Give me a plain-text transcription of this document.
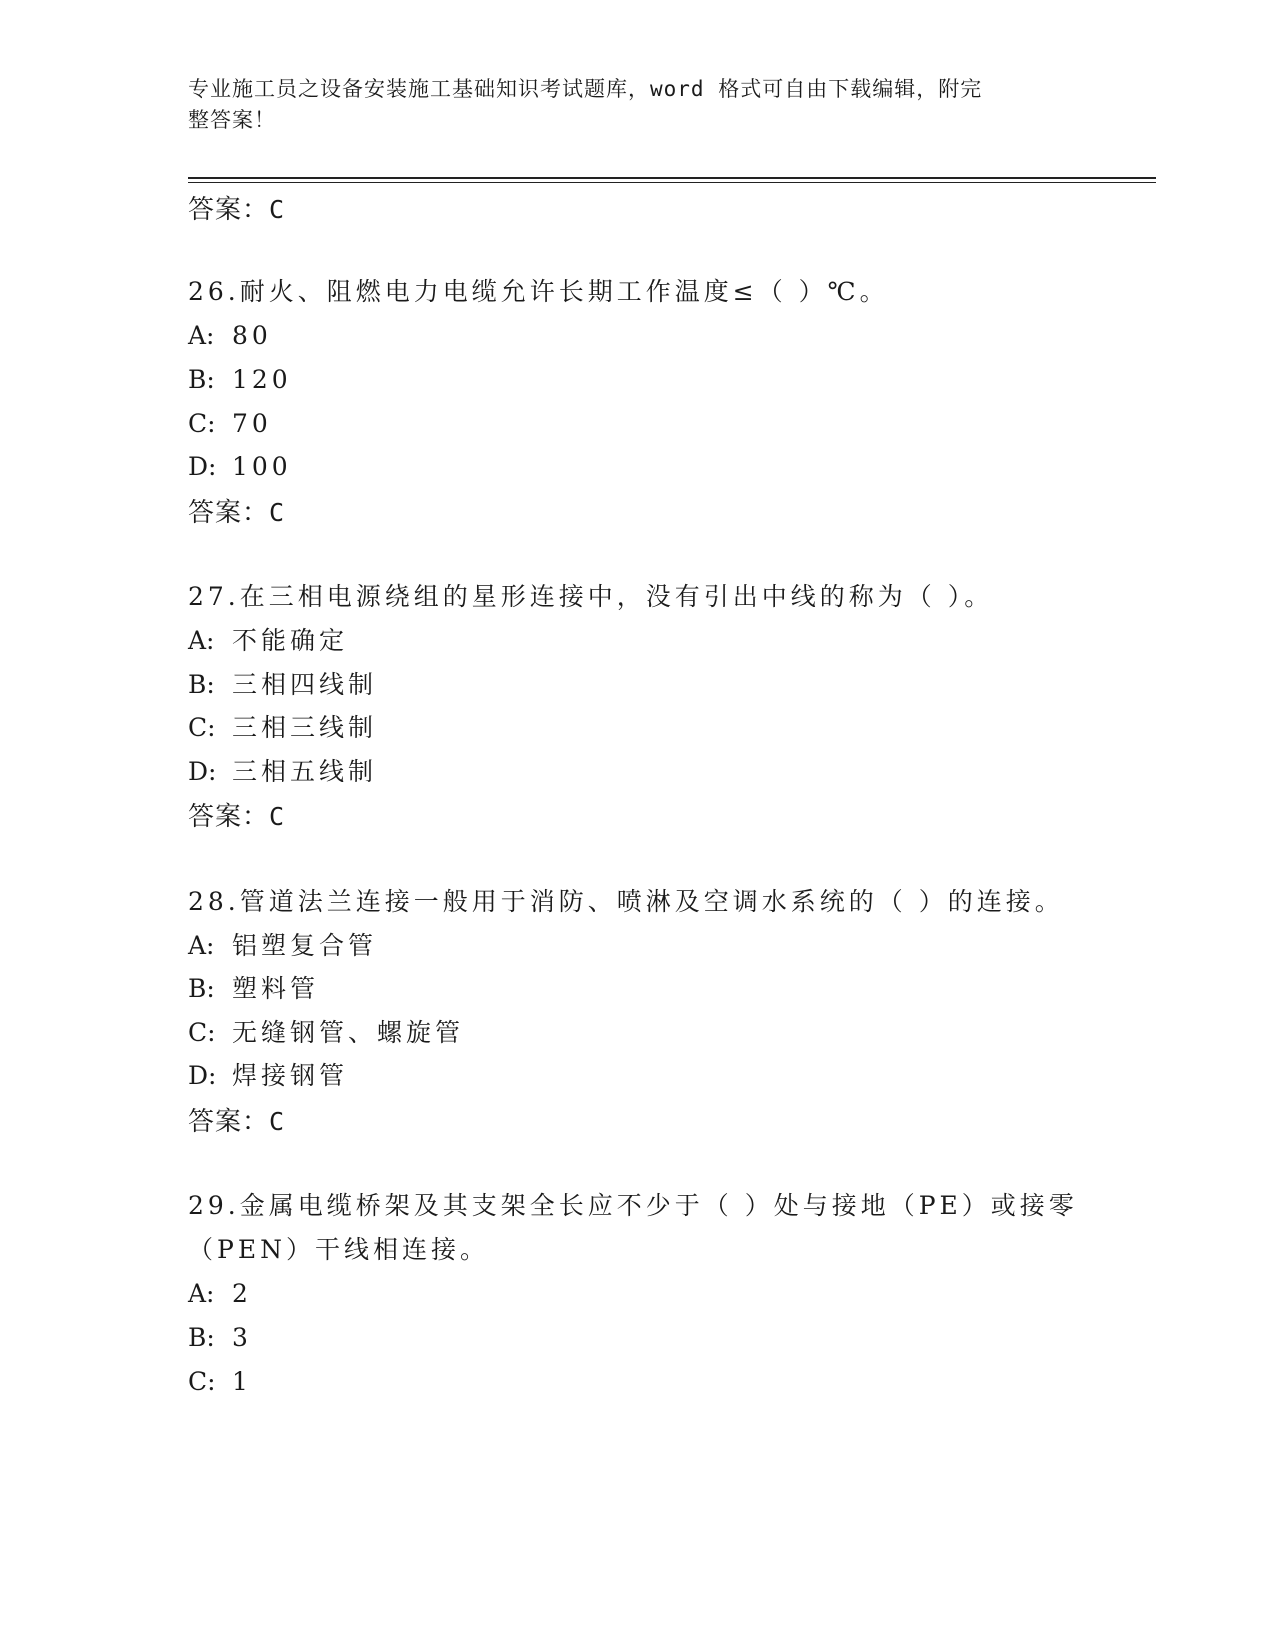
专业施工员之设备安装施工基础知识考试题库，word 格式可自由下载编辑，附完
整答案！
答案：C
26.耐火、阻燃电力电缆允许长期工作温度≤（ ）℃。
A: 80
B: 120
C: 70
D: 100
答案：C
27.在三相电源绕组的星形连接中，没有引出中线的称为（ ）。
A: 不能确定
B: 三相四线制
C: 三相三线制
D: 三相五线制
答案：C
28.管道法兰连接一般用于消防、喷淋及空调水系统的（ ）的连接。
A: 铝塑复合管
B: 塑料管
C: 无缝钢管、螺旋管
D: 焊接钢管
答案：C
29.金属电缆桥架及其支架全长应不少于（ ）处与接地（PE）或接零
（PEN）干线相连接。
A: 2
B: 3
C: 1
